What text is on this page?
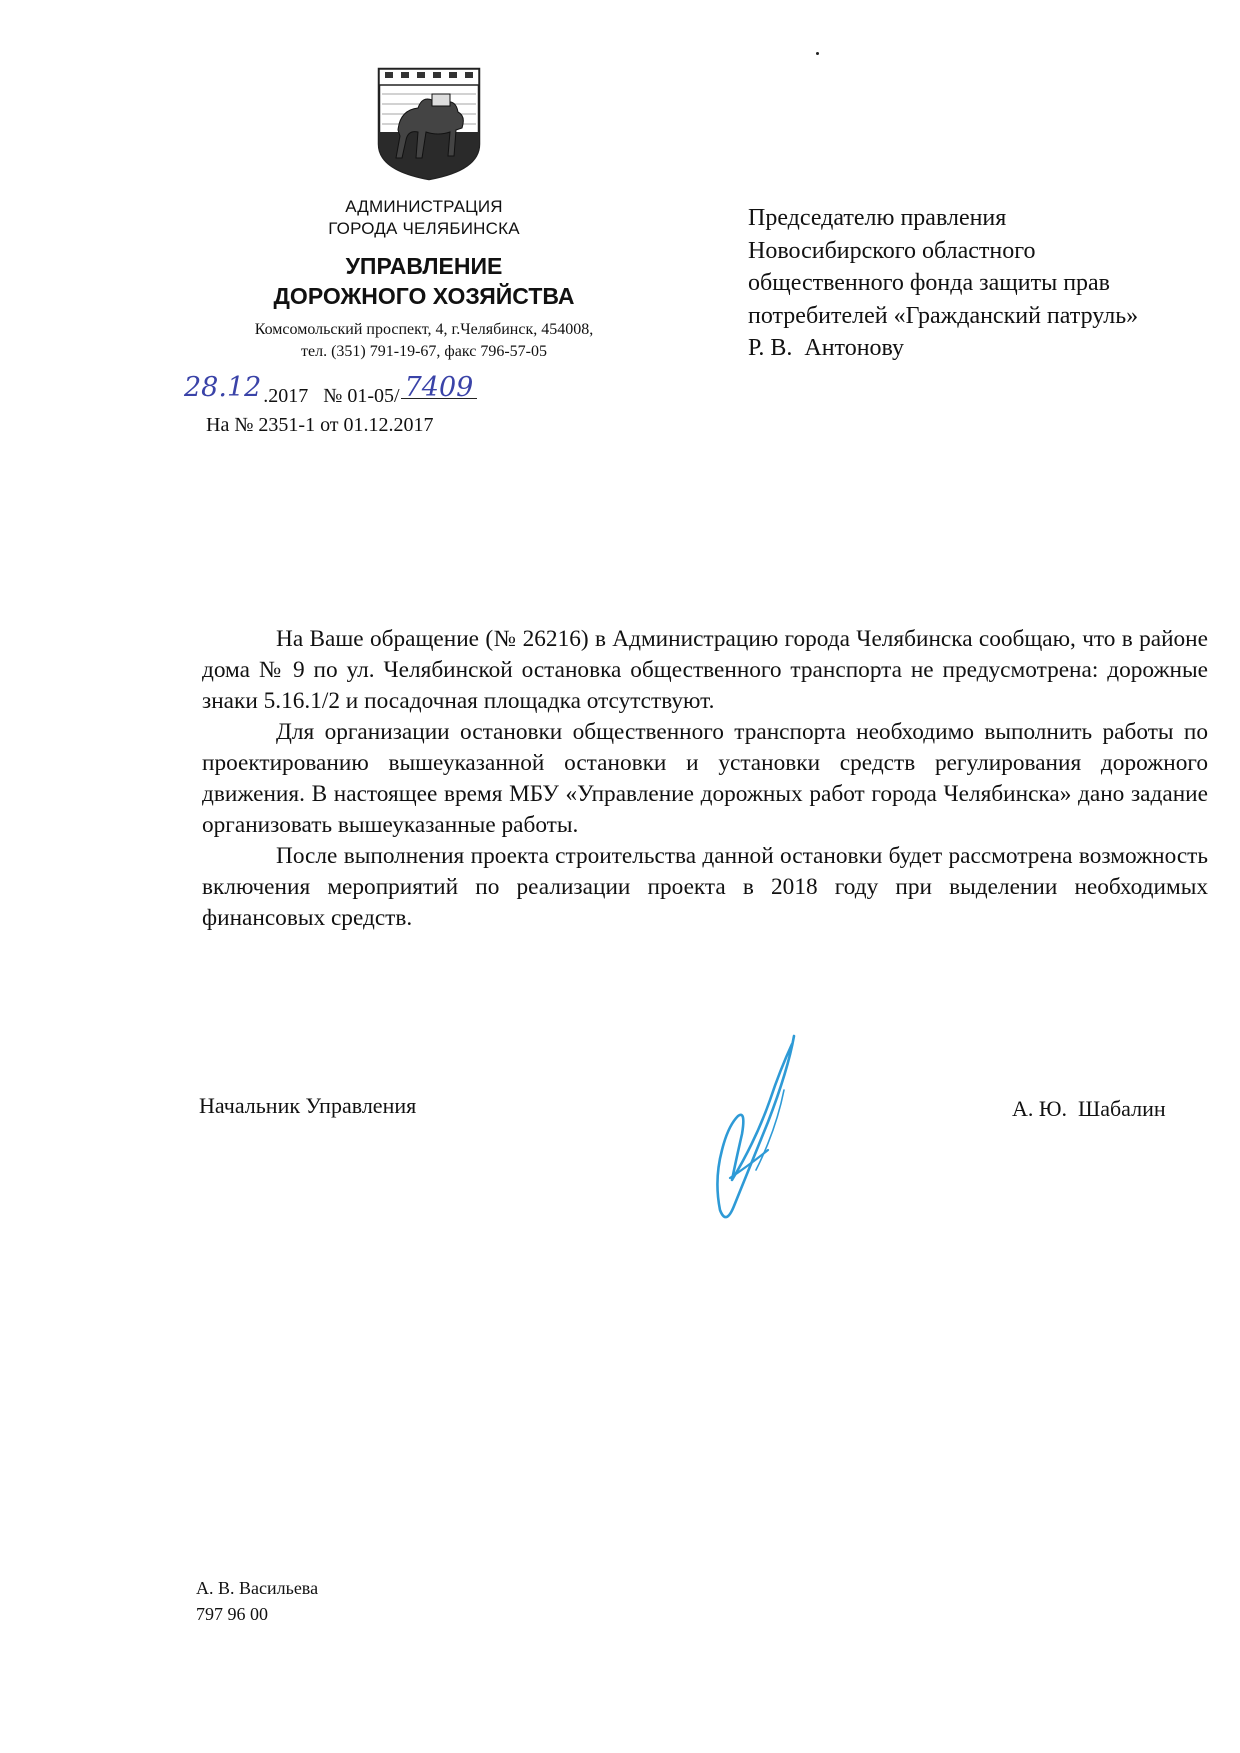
АДМИНИСТРАЦИЯ
ГОРОДА ЧЕЛЯБИНСКА
УПРАВЛЕНИЕ
ДОРОЖНОГО ХОЗЯЙСТВА
Комсомольский проспект, 4, г.Челябинск, 454008,
тел. (351) 791-19-67, факс 796-57-05
28.12 .2017 № 01-05/ 7409
На № 2351-1 от 01.12.2017
Председателю правления
Новосибирского областного
общественного фонда защиты прав
потребителей «Гражданский патруль»
Р. В.  Антонову

На Ваше обращение (№ 26216) в Администрацию города Челябинска сообщаю, что в районе дома № 9 по ул. Челябинской остановка общественного транспорта не предусмотрена: дорожные знаки 5.16.1/2 и посадочная площадка отсутствуют.

Для организации остановки общественного транспорта необходимо выполнить работы по проектированию вышеуказанной остановки и установки средств регулирования дорожного движения. В настоящее время МБУ «Управление дорожных работ города Челябинска» дано задание организовать вышеуказанные работы.

После выполнения проекта строительства данной остановки будет рассмотрена возможность включения мероприятий по реализации проекта в 2018 году при выделении необходимых финансовых средств.

Начальник Управления	А. Ю.  Шабалин
А. В. Васильева
797 96 00
